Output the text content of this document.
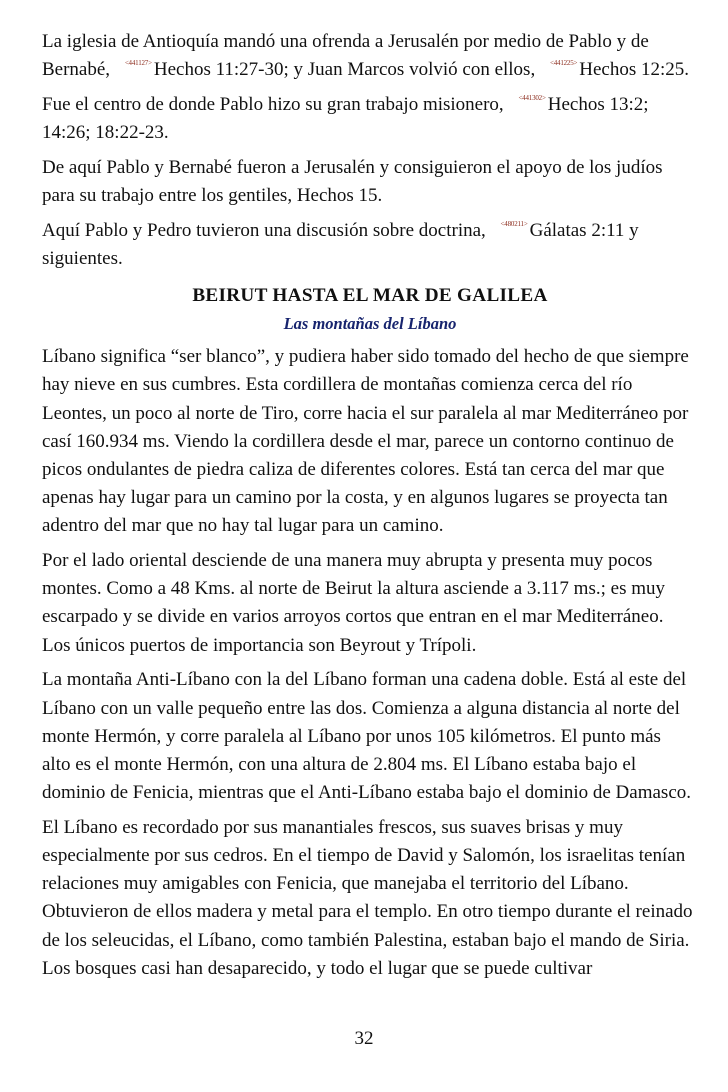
La iglesia de Antioquía mandó una ofrenda a Jerusalén por medio de Pablo y de Bernabé, $^{<441127>}$ Hechos 11:27-30; y Juan Marcos volvió con ellos, $^{<441225>}$ Hechos 12:25.

Fue el centro de donde Pablo hizo su gran trabajo misionero, $^{<441302>}$ Hechos 13:2; 14:26; 18:22-23.

De aquí Pablo y Bernabé fueron a Jerusalén y consiguieron el apoyo de los judíos para su trabajo entre los gentiles, Hechos 15.

Aquí Pablo y Pedro tuvieron una discusión sobre doctrina, $^{<480211>}$ Gálatas 2:11 y siguientes.

BEIRUT HASTA EL MAR DE GALILEA
Las montañas del Líbano

Líbano significa “ser blanco”, y pudiera haber sido tomado del hecho de que siempre hay nieve en sus cumbres. Esta cordillera de montañas comienza cerca del río Leontes, un poco al norte de Tiro, corre hacia el sur paralela al mar Mediterráneo por casí 160.934 ms. Viendo la cordillera desde el mar, parece un contorno continuo de picos ondulantes de piedra caliza de diferentes colores. Está tan cerca del mar que apenas hay lugar para un camino por la costa, y en algunos lugares se proyecta tan adentro del mar que no hay tal lugar para un camino.

Por el lado oriental desciende de una manera muy abrupta y presenta muy pocos montes. Como a 48 Kms. al norte de Beirut la altura asciende a 3.117 ms.; es muy escarpado y se divide en varios arroyos cortos que entran en el mar Mediterráneo. Los únicos puertos de importancia son Beyrout y Trípoli.

La montaña Anti-Líbano con la del Líbano forman una cadena doble. Está al este del Líbano con un valle pequeño entre las dos. Comienza a alguna distancia al norte del monte Hermón, y corre paralela al Líbano por unos 105 kilómetros. El punto más alto es el monte Hermón, con una altura de 2.804 ms. El Líbano estaba bajo el dominio de Fenicia, mientras que el Anti-Líbano estaba bajo el dominio de Damasco.

El Líbano es recordado por sus manantiales frescos, sus suaves brisas y muy especialmente por sus cedros. En el tiempo de David y Salomón, los israelitas tenían relaciones muy amigables con Fenicia, que manejaba el territorio del Líbano. Obtuvieron de ellos madera y metal para el templo. En otro tiempo durante el reinado de los seleucidas, el Líbano, como también Palestina, estaban bajo el mando de Siria. Los bosques casi han desaparecido, y todo el lugar que se puede cultivar

32
